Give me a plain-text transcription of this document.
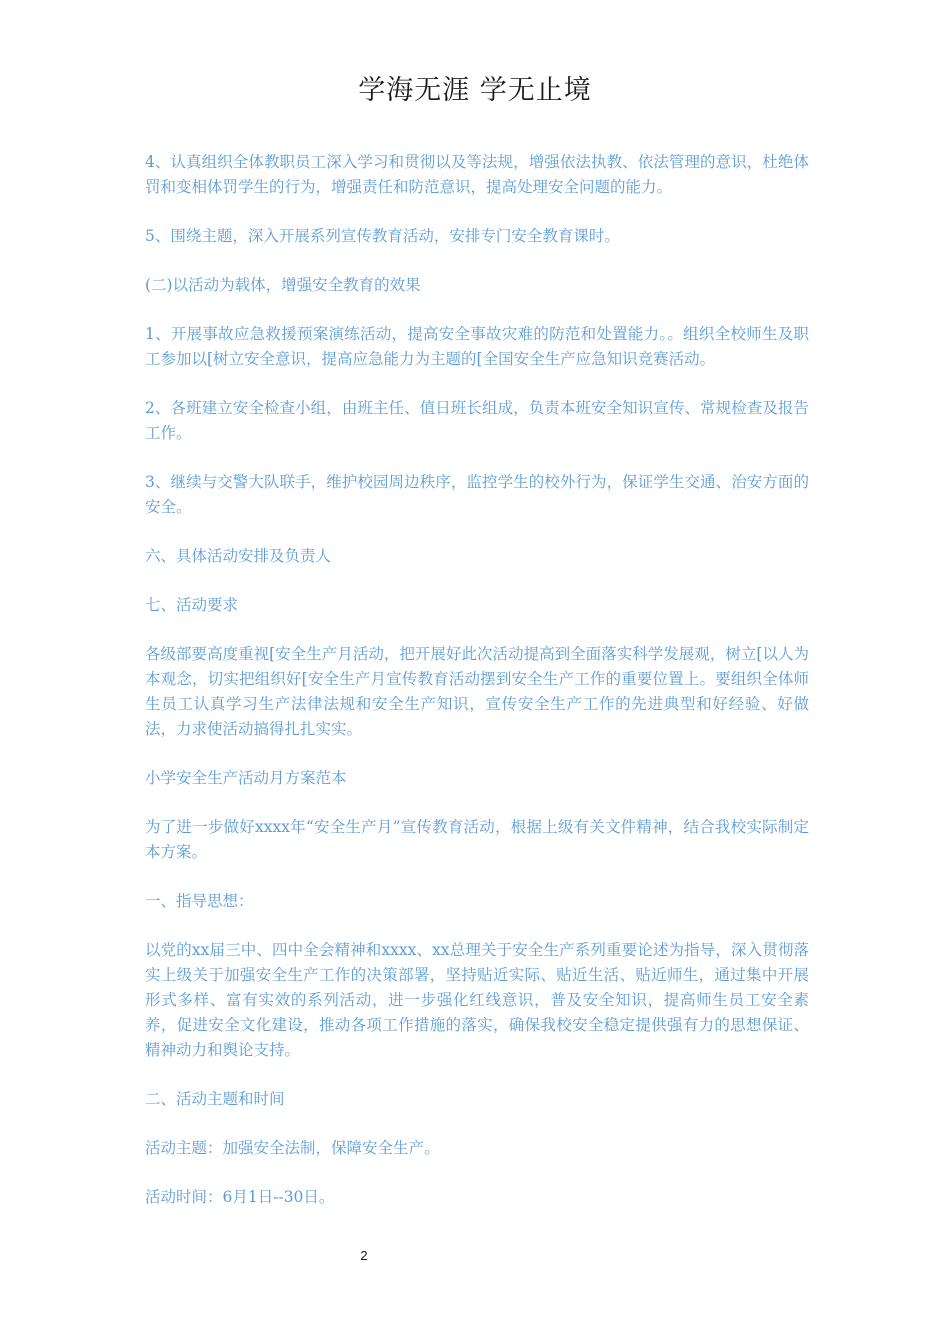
学海无涯 学无止境

4、认真组织全体教职员工深入学习和贯彻以及等法规，增强依法执教、依法管理的意识，杜绝体罚和变相体罚学生的行为，增强责任和防范意识，提高处理安全问题的能力。

5、围绕主题，深入开展系列宣传教育活动，安排专门安全教育课时。

(二)以活动为载体，增强安全教育的效果

1、开展事故应急救援预案演练活动，提高安全事故灾难的防范和处置能力。。组织全校师生及职工参加以[树立安全意识，提高应急能力为主题的[全国安全生产应急知识竞赛活动。

2、各班建立安全检查小组，由班主任、值日班长组成，负责本班安全知识宣传、常规检查及报告工作。

3、继续与交警大队联手，维护校园周边秩序，监控学生的校外行为，保证学生交通、治安方面的安全。

六、具体活动安排及负责人

七、活动要求

各级部要高度重视[安全生产月活动，把开展好此次活动提高到全面落实科学发展观，树立[以人为本观念，切实把组织好[安全生产月宣传教育活动摆到安全生产工作的重要位置上。要组织全体师生员工认真学习生产法律法规和安全生产知识，宣传安全生产工作的先进典型和好经验、好做法，力求使活动搞得扎扎实实。

小学安全生产活动月方案范本

为了进一步做好xxxx年“安全生产月”宣传教育活动，根据上级有关文件精神，结合我校实际制定本方案。

一、指导思想：

以党的xx届三中、四中全会精神和xxxx、xx总理关于安全生产系列重要论述为指导，深入贯彻落实上级关于加强安全生产工作的决策部署，坚持贴近实际、贴近生活、贴近师生，通过集中开展形式多样、富有实效的系列活动，进一步强化红线意识，普及安全知识，提高师生员工安全素养，促进安全文化建设，推动各项工作措施的落实，确保我校安全稳定提供强有力的思想保证、精神动力和舆论支持。

二、活动主题和时间

活动主题：加强安全法制，保障安全生产。

活动时间：6月1日--30日。

2
